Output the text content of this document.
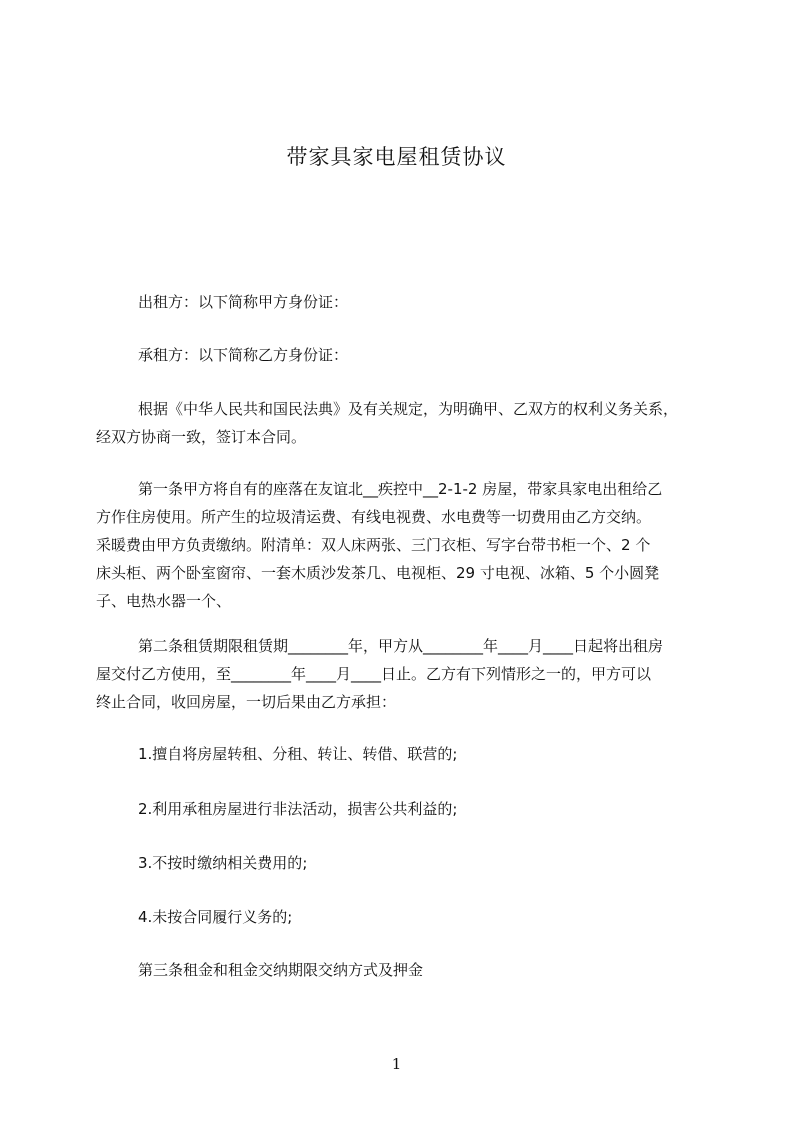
带家具家电屋租赁协议

出租方：以下简称甲方身份证：

承租方：以下简称乙方身份证：

根据《中华人民共和国民法典》及有关规定，为明确甲、乙双方的权利义务关系，
经双方协商一致，签订本合同。
第一条甲方将自有的座落在友谊北__疾控中__2-1-2 房屋，带家具家电出租给乙
方作住房使用。所产生的垃圾清运费、有线电视费、水电费等一切费用由乙方交纳。
采暖费由甲方负责缴纳。附清单：双人床两张、三门衣柜、写字台带书柜一个、2 个
床头柜、两个卧室窗帘、一套木质沙发茶几、电视柜、29 寸电视、冰箱、5 个小圆凳
子、电热水器一个、
第二条租赁期限租赁期________年，甲方从________年____月____日起将出租房
屋交付乙方使用，至________年____月____日止。乙方有下列情形之一的，甲方可以
终止合同，收回房屋，一切后果由乙方承担：

1.擅自将房屋转租、分租、转让、转借、联营的;

2.利用承租房屋进行非法活动，损害公共利益的;

3.不按时缴纳相关费用的;

4.未按合同履行义务的;

第三条租金和租金交纳期限交纳方式及押金

1
